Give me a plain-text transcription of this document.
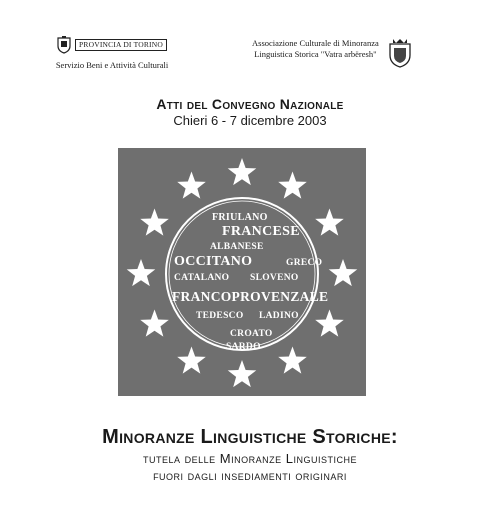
PROVINCIA DI TORINO
Servizio Beni e Attività Culturali
Associazione Culturale di Minoranza
Linguistica Storica "Vatra arbëresh"
Atti del Convegno Nazionale
Chieri 6 - 7 dicembre 2003
FRIULANO
FRANCESE
ALBANESE
OCCITANO	GRECO
CATALANO SLOVENO
FRANCOPROVENZALE
TEDESCO LADINO
CROATO
SARDO
Minoranze Linguistiche Storiche:
tutela delle Minoranze Linguistiche
fuori dagli insediamenti originari
